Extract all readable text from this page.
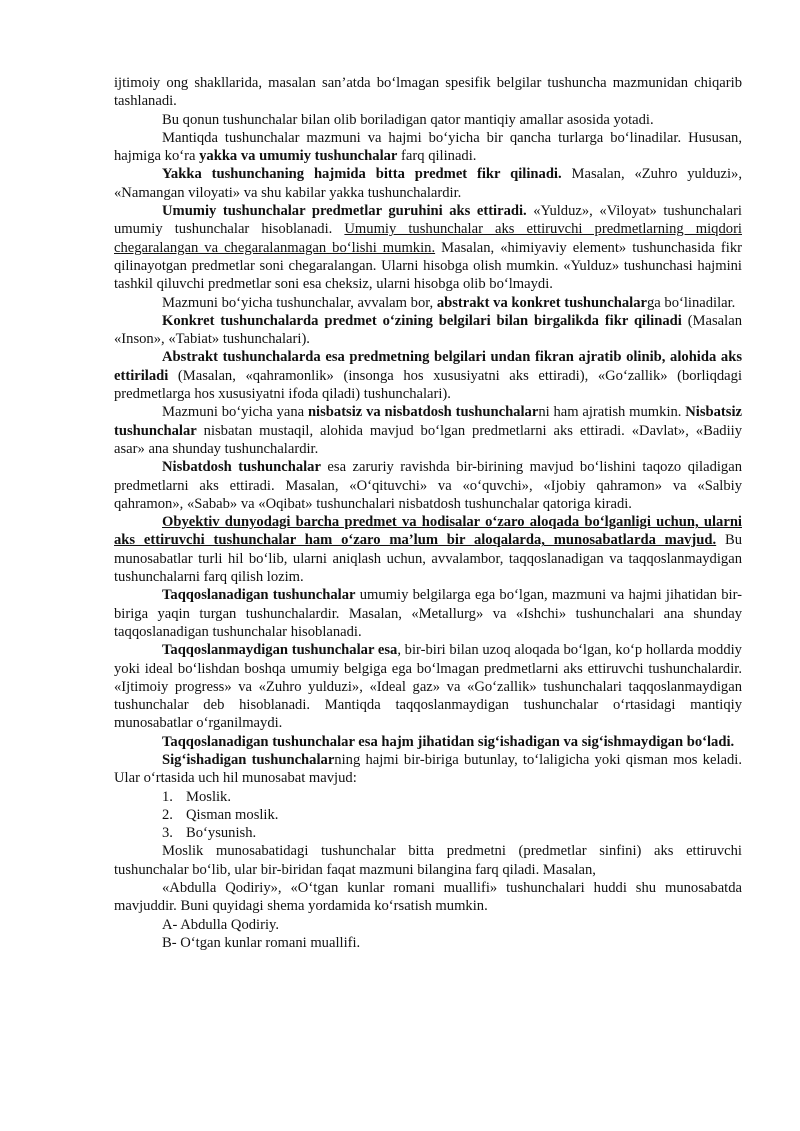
ijtimoiy ong shakllarida, masalan san’atda bo‘lmagan spesifik belgilar tushuncha mazmunidan chiqarib tashlanadi.

Bu qonun tushunchalar bilan olib boriladigan qator mantiqiy amallar asosida yotadi.

Mantiqda tushunchalar mazmuni va hajmi bo‘yicha bir qancha turlarga bo‘linadilar. Hususan, hajmiga ko‘ra yakka va umumiy tushunchalar farq qilinadi.

Yakka tushunchaning hajmida bitta predmet fikr qilinadi. Masalan, «Zuhro yulduzi», «Namangan viloyati» va shu kabilar yakka tushunchalardir.

Umumiy tushunchalar predmetlar guruhini aks ettiradi. «Yulduz», «Viloyat» tushunchalari umumiy tushunchalar hisoblanadi. Umumiy tushunchalar aks ettiruvchi predmetlarning miqdori chegaralangan va chegaralanmagan bo‘lishi mumkin. Masalan, «himiyaviy element» tushunchasida fikr qilinayotgan predmetlar soni chegaralangan. Ularni hisobga olish mumkin. «Yulduz» tushunchasi hajmini tashkil qiluvchi predmetlar soni esa cheksiz, ularni hisobga olib bo‘lmaydi.

Mazmuni bo‘yicha tushunchalar, avvalam bor, abstrakt va konkret tushunchalarga bo‘linadilar.

Konkret tushunchalarda predmet o‘zining belgilari bilan birgalikda fikr qilinadi (Masalan «Inson», «Tabiat» tushunchalari).

Abstrakt tushunchalarda esa predmetning belgilari undan fikran ajratib olinib, alohida aks ettiriladi (Masalan, «qahramonlik» (insonga hos xususiyatni aks ettiradi), «Go‘zallik» (borliqdagi predmetlarga hos xususiyatni ifoda qiladi) tushunchalari).

Mazmuni bo‘yicha yana nisbatsiz va nisbatdosh tushunchalarni ham ajratish mumkin. Nisbatsiz tushunchalar nisbatan mustaqil, alohida mavjud bo‘lgan predmetlarni aks ettiradi. «Davlat», «Badiiy asar» ana shunday tushunchalardir.

Nisbatdosh tushunchalar esa zaruriy ravishda bir-birining mavjud bo‘lishini taqozo qiladigan predmetlarni aks ettiradi. Masalan, «O‘qituvchi» va «o‘quvchi», «Ijobiy qahramon» va «Salbiy qahramon», «Sabab» va «Oqibat» tushunchalari nisbatdosh tushunchalar qatoriga kiradi.

Obyektiv dunyodagi barcha predmet va hodisalar o‘zaro aloqada bo‘lganligi uchun, ularni aks ettiruvchi tushunchalar ham o‘zaro ma’lum bir aloqalarda, munosabatlarda mavjud. Bu munosabatlar turli hil bo‘lib, ularni aniqlash uchun, avvalambor, taqqoslanadigan va taqqoslanmaydigan tushunchalarni farq qilish lozim.

Taqqoslanadigan tushunchalar umumiy belgilarga ega bo‘lgan, mazmuni va hajmi jihatidan bir-biriga yaqin turgan tushunchalardir. Masalan, «Metallurg» va «Ishchi» tushunchalari ana shunday taqqoslanadigan tushunchalar hisoblanadi.

Taqqoslanmaydigan tushunchalar esa, bir-biri bilan uzoq aloqada bo‘lgan, ko‘p hollarda moddiy yoki ideal bo‘lishdan boshqa umumiy belgiga ega bo‘lmagan predmetlarni aks ettiruvchi tushunchalardir. «Ijtimoiy progress» va «Zuhro yulduzi», «Ideal gaz» va «Go‘zallik» tushunchalari taqqoslanmaydigan tushunchalar deb hisoblanadi. Mantiqda taqqoslanmaydigan tushunchalar o‘rtasidagi mantiqiy munosabatlar o‘rganilmaydi.

Taqqoslanadigan tushunchalar esa hajm jihatidan sig‘ishadigan va sig‘ishmaydigan bo‘ladi.

Sig‘ishadigan tushunchalarning hajmi bir-biriga butunlay, to‘laligicha yoki qisman mos keladi. Ular o‘rtasida uch hil munosabat mavjud:

1. Moslik.
2. Qisman moslik.
3. Bo‘ysunish.

Moslik munosabatidagi tushunchalar bitta predmetni (predmetlar sinfini) aks ettiruvchi tushunchalar bo‘lib, ular bir-biridan faqat mazmuni bilangina farq qiladi. Masalan,

«Abdulla Qodiriy», «O‘tgan kunlar romani muallifi» tushunchalari huddi shu munosabatda mavjuddir. Buni quyidagi shema yordamida ko‘rsatish mumkin.

A- Abdulla Qodiriy.

B- O‘tgan kunlar romani muallifi.
